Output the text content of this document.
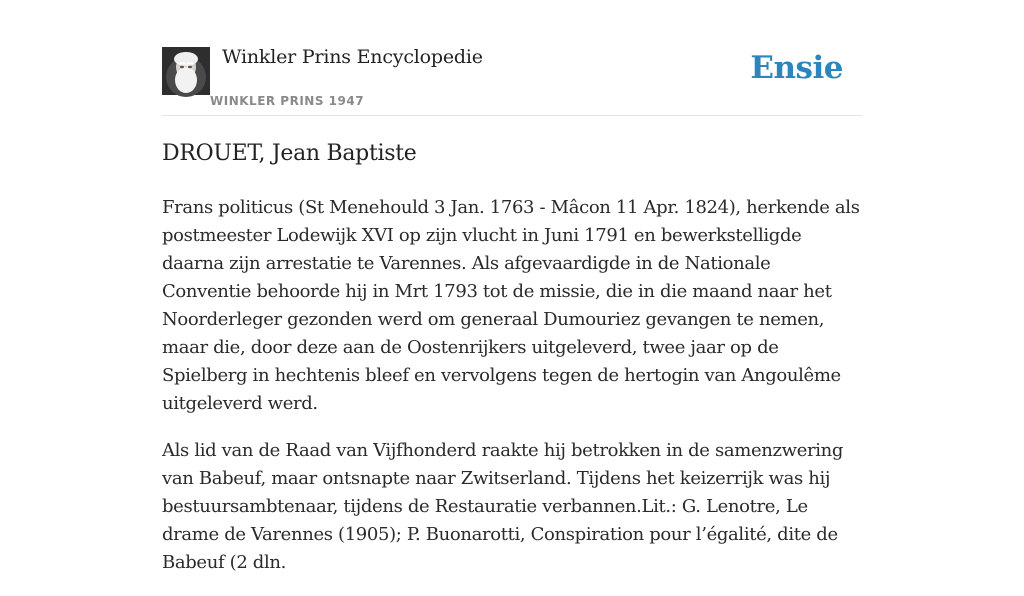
Winkler Prins Encyclopedie
WINKLER PRINS 1947
Ensie
DROUET, Jean Baptiste

Frans politicus (St Menehould 3 Jan. 1763 - Mâcon 11 Apr. 1824), herkende als postmeester Lodewijk XVI op zijn vlucht in Juni 1791 en bewerkstelligde daarna zijn arrestatie te Varennes. Als afgevaardigde in de Nationale Conventie behoorde hij in Mrt 1793 tot de missie, die in die maand naar het Noorderleger gezonden werd om generaal Dumouriez gevangen te nemen, maar die, door deze aan de Oostenrijkers uitgeleverd, twee jaar op de Spielberg in hechtenis bleef en vervolgens tegen de hertogin van Angoulême uitgeleverd werd.

Als lid van de Raad van Vijfhonderd raakte hij betrokken in de samenzwering van Babeuf, maar ontsnapte naar Zwitserland. Tijdens het keizerrijk was hij bestuursambtenaar, tijdens de Restauratie verbannen.Lit.: G. Lenotre, Le drame de Varennes (1905); P. Buonarotti, Conspiration pour l’égalité, dite de Babeuf (2 dln.
